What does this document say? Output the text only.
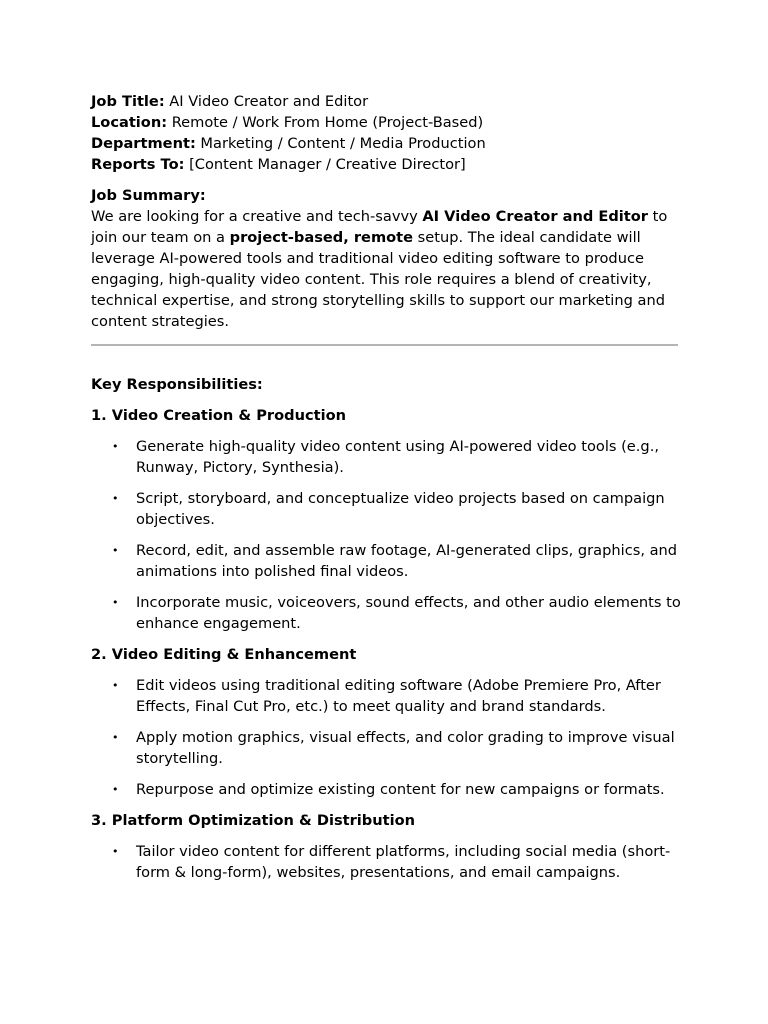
Job Title: AI Video Creator and Editor

Location: Remote / Work From Home (Project-Based)

Department: Marketing / Content / Media Production

Reports To: [Content Manager / Creative Director]

Job Summary:

We are looking for a creative and tech-savvy AI Video Creator and Editor to join our team on a project-based, remote setup. The ideal candidate will leverage AI-powered tools and traditional video editing software to produce engaging, high-quality video content. This role requires a blend of creativity, technical expertise, and strong storytelling skills to support our marketing and content strategies.

Key Responsibilities:

1. Video Creation & Production

• Generate high-quality video content using AI-powered video tools (e.g., Runway, Pictory, Synthesia).
• Script, storyboard, and conceptualize video projects based on campaign objectives.
• Record, edit, and assemble raw footage, AI-generated clips, graphics, and animations into polished final videos.
• Incorporate music, voiceovers, sound effects, and other audio elements to enhance engagement.

2. Video Editing & Enhancement

• Edit videos using traditional editing software (Adobe Premiere Pro, After Effects, Final Cut Pro, etc.) to meet quality and brand standards.
• Apply motion graphics, visual effects, and color grading to improve visual storytelling.
• Repurpose and optimize existing content for new campaigns or formats.

3. Platform Optimization & Distribution

• Tailor video content for different platforms, including social media (short-form & long-form), websites, presentations, and email campaigns.
